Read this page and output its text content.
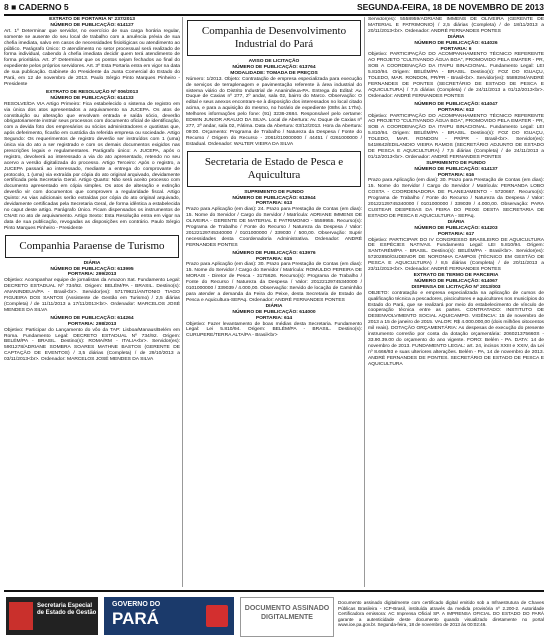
8 ■ CADERNO 5	SEGUNDA-FEIRA, 18 DE NOVEMBRO DE 2013

EXTRATO DE PORTARIA Nº 237/2013

NÚMERO DE PUBLICAÇÃO: 614127

Art. 1º Determinar que servidor, no exercício de sua carga horária regular, somente se ausente do seu local de trabalho com a anuência prévia de sua chefia imediata, salvo em casos de necessidades fisiológicas ou atendimento ao público. Parágrafo Único: O atendimento no setor processual será realizado de forma individual, cabendo à chefia imediata decidir quem terá atendimento de forma prioritária. Art. 2º Determinar que os pontos sejam fechados ao final do expediente pelos próprios servidores. Art. 3º Esta Portaria entra em vigor na data de sua publicação. Gabinete do Presidente da Junta Comercial do Estado do Pará, em 12 de novembro de 2013. Paulo Sérgio Pinto Marques Pinheiro - Presidente

EXTRATO DE RESOLUÇÃO Nº 006/2013

NÚMERO DE PUBLICAÇÃO: 614133

RESOLVE/DA VIA Artigo Primeiro: Fica estabelecido o sistema de registro em via única dos atos apresentados a arquivamento na JUCEPA. Os atos de constituição ou alteração que envolvam entrada e saída sócio, deverão obrigatoriamente instruir seus processos com documento oficial de identificação, com a devida foto dos empresários ou sócios administradores e quotistas que, após deferimento, ficarão em custódia da referida empresa ou sociedade. Artigo Segundo: Os requerimentos de registro deverão ser instruídos com 1 (uma) única via do ato a ser registrado e com os demais documentos exigidos nas prescrições legais e regulamentares. Parágrafo único: A JUCEPA, após o registro, devolverá ao interessado a via do ato apresentado, retendo no seu acervo a versão digitalizada do processo. Artigo Terceiro: Após o registro, a JUCEPA passará ao interessado, mediante a entrega do comprovante de protocolo, 1 (uma) via extraída por cópia do ato original arquivado, devidamente certificada pela Secretaria Geral. Artigo Quarto: Não será aceito processo com documento apresentado em cópia simples. Os atos de alteração e extinção deverão vir com documentos que comprovem a regularidade fiscal. Artigo Quinto: As vias adicionais serão extraídas por cópia do ato original arquivado, devidamente certificadas pela Secretaria Geral, de forma idêntica a estabelecida no caput deste artigo. Parágrafo Único. Ficam dispensados os instrumentos de CNAE no ato de arquivamento. Artigo Sexto: Esta Resolução entra em vigor na data de sua publicação, revogadas as disposições em contrário. Paulo Sérgio Pinto Marques Pinheiro - Presidente

Companhia Paraense de Turismo

DIÁRIA

NÚMERO DE PUBLICAÇÃO: 613995

PORTARIA: 299/2013

Objetivo: Acompanhar equipe de jornalistas da Amazon Sat. Fundamento Legal: DECRETO ESTADUAL Nº 734/92. Origem: BELÉM/PA - BRASIL. Destino(s): ANANINDEUA/PA - Brasil<br>. Servidor(es): 57179921/ANTONIO TIAGO FIGUEIRA DOS SANTOS (Assistente de Gestão em Turismo) / 2,5 diárias (Completa) / de 11/11/2013 a 17/11/2013<br>. Ordenador: MARCELOS JOSÉ MENDES DA SILVA

NÚMERO DE PUBLICAÇÃO: 614264

PORTARIA: 298/2013

Objetivo: Participar do Lançamento do vôo da TAP: Lisboa/Manaus/Belém em Roma. Fundamento Legal: DECRETO ESTADUAL Nº 734/92. Origem: BELÉM/PA - BRASIL. Destino(s): ROMA/RM - ITALIA<br>. Servidor(es): 5901278/ADRIANE SOMBRA SOARES MATHNE BASTOS (GERENTE DE CAPTAÇÃO DE EVENTOS) / 3,5 diárias (Completa) / de 29/10/2013 a 03/11/2013<br>. Ordenador: MARCELOS JOSÉ MENDES DA SILVA

Companhia de Desenvolvimento Industrial do Pará

AVISO DE LICITAÇÃO

NÚMERO DE PUBLICAÇÃO: 613764

MODALIDADE: TOMADA DE PREÇOS

Número: 1/2013. Objeto: Contratação de empresa especializada para execução de serviços de terraplenagem e pavimentação referente à área industrial do sistema viário do Distrito Industrial de Ananindeua-PA. Entrega do Edital: Av. Duque de Caxias nº 277, 2º andar, sala 02, bairro do Marco. Observação: O edital e seus anexos encontram-se à disposição dos interessados no local citado acima, e para a aquisição do mesmo, no horário de expediente (08hs às 17hs). Melhores informações pelo fone: (91) 3236-2684. Responsável pelo certame: EDWIN JUNIOR ARAUJO DA SILVA. Local de Abertura: Av. Duque de Caxias nº 277, 2º andar, sala 02, Fátima. Data da Abertura: 03/12/2013. Hora da Abertura: 09:00. Orçamento: Programa de Trabalho / Natureza da Despesa / Fonte do Recurso / Origem do Recurso - 2061/010000000 / 44451 / 0261000000 / Estadual. Ordenador: WALTER VIEIRA DA SILVA

Secretaria de Estado de Pesca e Aquicultura

SUPRIMENTO DE FUNDO

NÚMERO DE PUBLICAÇÃO: 613944

PORTARIA: 613

Prazo para Aplicação (em dias): 24. Prazo para Prestação de Contas (em dias): 15. Nome do Servidor / Cargo do Servidor / Matrícula: ADRIANE IMMENS DE OLIVEIRA - GERENTE DE MATERIAL E PATRIMONIO - 5559955. Recurso(s): Programa de Trabalho / Fonte do Recurso / Natureza da Despesa / Valor: 20122129745340000 / 0101000000 / 339030 / 500,00. Observação: Suprir necessidades desta Coordenadoria Administrativa. Ordenador: ANDRÉ FERNANDES PONTES

NÚMERO DE PUBLICAÇÃO: 613976

PORTARIA: 615

Prazo para Aplicação (em dias): 30. Prazo para Prestação de Contas (em dias): 15. Nome do Servidor / Cargo do Servidor / Matrícula: ROMULDO PEREIRA DE MORAIS - Diretor de Pesca - 3175626. Recurso(s): Programa de Trabalho / Fonte do Recurso / Natureza da Despesa / Valor: 20122129745340000 / 0101000000 / 339039 / 4.000,00. Observação: Servido de locação de Caminhão para atender a demanda da Feira do Peixe, desta Secretaria de Estado de Pesca e Aquicultura-SEPAq. Ordenador: ANDRÉ FERNANDES PONTES

DIÁRIA

NÚMERO DE PUBLICAÇÃO: 614000

PORTARIA: 614

Objetivo: Fazer levantamento de boas médias desta Secretaria. Fundamento Legal: Lei 5.810/94. Origem: BELÉM/PA - BRASIL. Destino(s): CURUPERE/TERRA ALTA/PA - Brasil<br>

Servidor(es): 5558959/ADRIANE IMMENS DE OLIVEIRA (GERENTE DE MATERIAL E PATRIMONIO) / 2,5 diárias (Completa) / de 18/11/2013 a 20/11/2013<br>. Ordenador: ANDRÉ FERNANDES PONTES

DIÁRIA

NÚMERO DE PUBLICAÇÃO: 614026

PORTARIA: 6

Objetivo: PARTICIPAÇÃO DO ACOMPANHAMENTO TÉCNICO REFERENTE AO PROJETO "CULTIVANDO ÁGUA BOA", PROMOVIDO PELA EMATER - PR, SOB A COORDENAÇÃO DA ITAIPU BINACIONAL. Fundamento Legal: LEI 5.810/94. Origem: BELÉM/PA - BRASIL. Destino(s): FOZ DO IGUAÇU, TOLEDO, MAR. RONDON, PR/PR - Brasil<br>. Servidor(es): 5589294/ANDRÉ FERNANDES DE PONTES (SECRETÁRIO DE ESTADO DE PESCA E AQUICULTURA) / 7,5 diárias (Completa) / de 24/11/2013 a 01/12/2013<br>. Ordenador: ANDRÉ FERNANDES PONTES

NÚMERO DE PUBLICAÇÃO: 614047

PORTARIA: 612

Objetivo: PARTICIPAÇÃO DO ACOMPANHAMENTO TÉCNICO REFERENTE AO PROJETO "CULTIVANDO ÁGUA BOA", PROMOVIDO PELA EMATER - PR, SOB A COORDENAÇÃO DA ITAIPU BINACIONAL. Fundamento Legal: LEI 5.810/94. Origem: BELÉM/PA - BRASIL. Destino(s): FOZ DO IGUAÇU, TOLEDO, MAR. RONDON - PR/PR - Brasil<br>. Servidor(es): 5418642/EDILANDIO VIEIRA RAMOS (SECRETÁRIO ADJUNTO DE ESTADO DE PESCA E AQUICULTURA) / 7,5 diárias (Completa) / de 24/11/2013 a 01/12/2013<br>. Ordenador: ANDRÉ FERNANDES PONTES

SUPRIMENTO DE FUNDO

NÚMERO DE PUBLICAÇÃO: 614137

PORTARIA: 616

Prazo para Aplicação (em dias): 30. Prazo para Prestação de Contas (em dias): 15. Nome do Servidor / Cargo do Servidor / Matrícula: FERNANDA LOBO COSTA - COORDENADORA DE PLANEJAMENTO - 5720667. Recurso(s): Programa de Trabalho / Fonte do Recurso / Natureza da Despesa / Valor: 20122129745340000 / 0101000000 / 339039 / 4.000,00. Observação: PARA CUSTEAR DESPESAS DA FEIRA DO PEIXE DESTA SECRETARIA DE ESTADO DE PESCA E AQUICULTURA - SEPAq.

DIÁRIA

NÚMERO DE PUBLICAÇÃO: 614203

PORTARIA: 617

Objetivo: PARTICIPAR DO IV CONGRESSO BRASILEIRO DE AQUICULTURA DE ESPÉCIES NATIVAS. Fundamento Legal: LEI 5.810/94. Origem: SANTARÉM/PA - BRASIL. Destino(s): BELÉM/PA - Brasil<br>. Servidor(es): 57202850/GUDENOR DE NORONHA CAMPOS (TÉCNICO EM GESTÃO DE PESCA E AQUICULTURA) / 8,5 diárias (Completa) / de 20/11/2013 a 23/11/2013<br>. Ordenador: ANDRÉ FERNANDES PONTES

EXTRATO DE TERMO DE PARCERIA

NÚMERO DE PUBLICAÇÃO: 614067

DISPENSA DE LICITAÇÃO Nº 2013/003

OBJETO: contratação e empresa especializada na aplicação de cursos de qualificação técnica a pescadores, piscicultores e aquicultores nos municípios do Estado do Pará, que se realizará por meio do estabelecimento de vínculo de cooperação técnica entre as partes. CONTRATADO: INSTITUTO DE DESENVOLVIMENTO SOCIAL AQUICAMPO. VIGÊNCIA: 15 de novembro de 2013 a 15 de janeiro de 2015. VALOR: R$ 4.000.000,00 (dois milhões oitocentos mil reais). DOTAÇÃO ORÇAMENTÁRIA: As despesas de execução do presente instrumento correrão por conta da dotação orçamentária: 206021375660S - 33.90.39.00 do orçamento do ano vigente. FORO: Belém - PA. DATA: 14 de novembro de 2013. FUNDAMENTO LEGAL: art. 24, incisos XXIII e XXIV, da Lei nº 8.666/93 e suas ulteriores alterações. Belém - PA, 14 de novembro de 2013. ANDRÉ FERNANDES DE PONTES. SECRETÁRIO DE ESTADO DE PESCA E AQUICULTURA

Secretaria Especial de Estado de Gestão
GOVERNO DO
PARÁ
DOCUMENTO ASSINADO DIGITALMENTE
Documento assinado digitalmente com certificado digital emitido sob a Infraestrutura de Chaves Públicas Brasileira - ICP-Brasil, instituída através da medida provisória nº 2.200-2. Autoridade Certificadora emissora: AC Imprensa Oficial SP. A IMPRENSA OFICIAL DO ESTADO DO PARÁ garante a autenticidade deste documento quando visualizado diretamente no portal www.ioe.pa.gov.br. Segunda-feira, 18 de novembro de 2013 às 00:02:46.
